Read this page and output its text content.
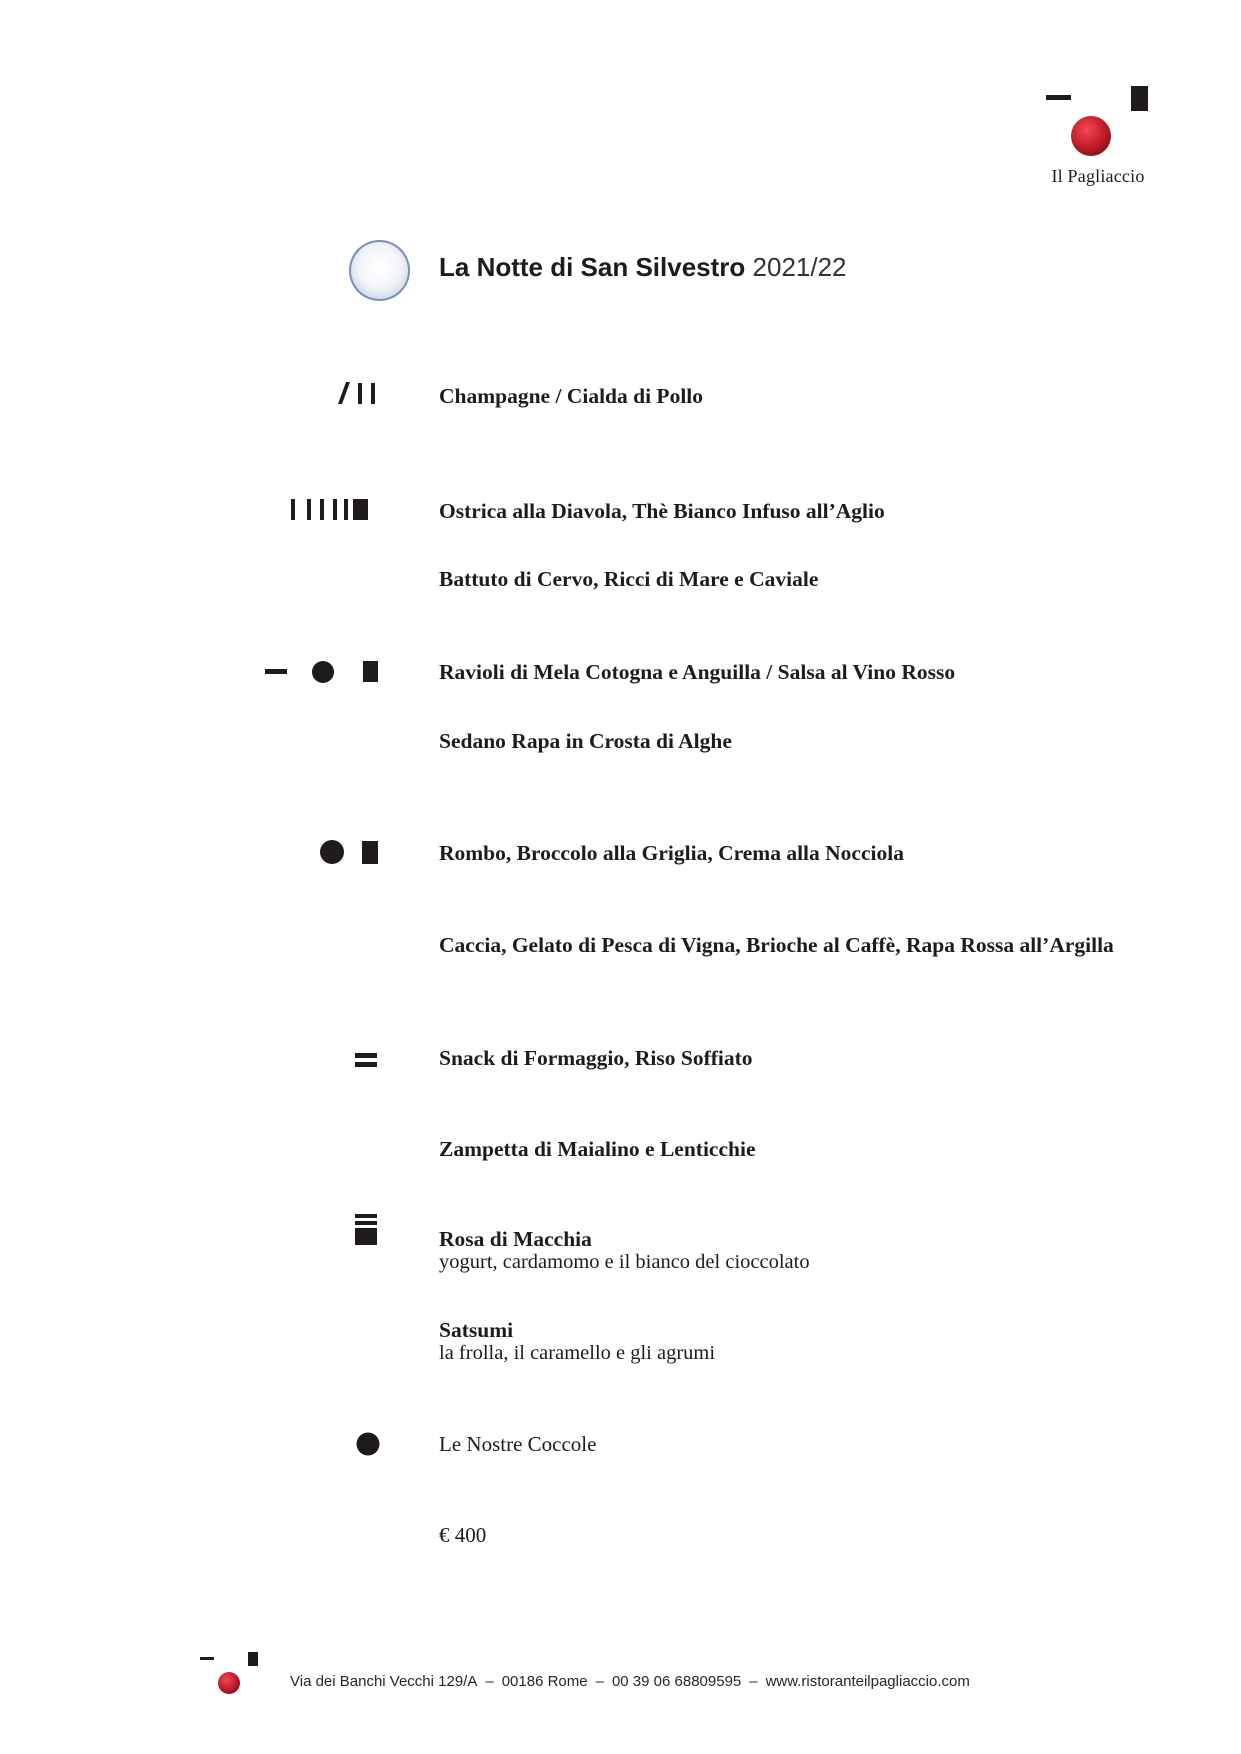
Il Pagliaccio
La Notte di San Silvestro 2021/22
Champagne / Cialda di Pollo
Ostrica alla Diavola, Thè Bianco Infuso all’Aglio
Battuto di Cervo, Ricci di Mare e Caviale
Ravioli di Mela Cotogna e Anguilla / Salsa al Vino Rosso
Sedano Rapa in Crosta di Alghe
Rombo, Broccolo alla Griglia, Crema alla Nocciola
Caccia, Gelato di Pesca di Vigna, Brioche al Caffè, Rapa Rossa all’Argilla
Snack di Formaggio, Riso Soffiato
Zampetta di Maialino e Lenticchie
Rosa di Macchia
yogurt, cardamomo e il bianco del cioccolato
Satsumi
la frolla, il caramello e gli agrumi
Le Nostre Coccole
€ 400
Via dei Banchi Vecchi 129/A – 00186 Rome – 00 39 06 68809595 – www.ristoranteilpagliaccio.com
